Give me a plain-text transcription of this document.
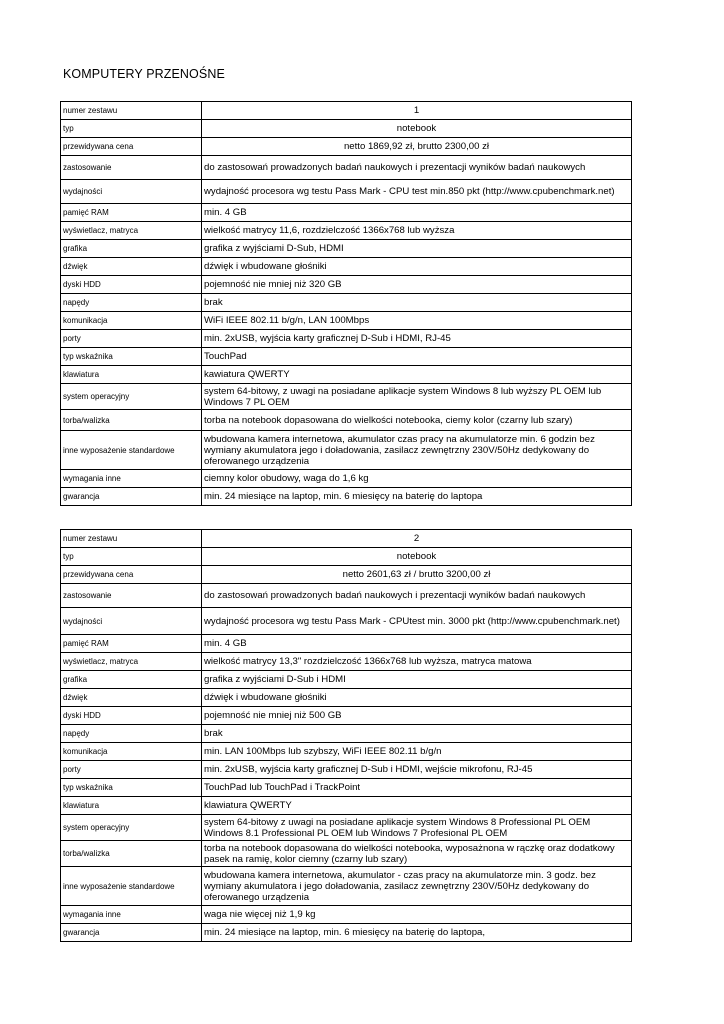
KOMPUTERY PRZENOŚNE
numer zestawu	1
typ	notebook
przewidywana cena	netto 1869,92 zł, brutto 2300,00 zł
zastosowanie	do zastosowań prowadzonych badań naukowych i prezentacji wyników badań naukowych
wydajności	wydajność procesora wg testu Pass Mark - CPU test min.850 pkt (http://www.cpubenchmark.net)
pamięć RAM	min. 4 GB
wyświetlacz, matryca	wielkość matrycy 11,6, rozdzielczość 1366x768 lub wyższa
grafika	grafika z wyjściami D-Sub, HDMI
dźwięk	dźwięk i wbudowane głośniki
dyski HDD	pojemność nie mniej niż 320 GB
napędy	brak
komunikacja	WiFi IEEE 802.11 b/g/n, LAN 100Mbps
porty	min. 2xUSB, wyjścia karty graficznej D-Sub i HDMI, RJ-45
typ wskaźnika	TouchPad
klawiatura	kawiatura QWERTY
system operacyjny	system 64-bitowy, z uwagi na posiadane aplikacje system Windows 8 lub wyższy PL OEM lub Windows 7 PL OEM
torba/walizka	torba na notebook dopasowana do wielkości notebooka, ciemy kolor (czarny lub szary)
inne wyposażenie standardowe	wbudowana kamera internetowa, akumulator czas pracy na akumulatorze min. 6 godzin bez wymiany akumulatora jego i doładowania, zasilacz zewnętrzny 230V/50Hz dedykowany do oferowanego urządzenia
wymagania inne	ciemny kolor obudowy, waga do 1,6 kg
gwarancja	min. 24 miesiące na laptop, min. 6 miesięcy na baterię do laptopa
numer zestawu	2
typ	notebook
przewidywana cena	netto 2601,63 zł / brutto 3200,00 zł
zastosowanie	do zastosowań prowadzonych badań naukowych i prezentacji wyników badań naukowych
wydajności	wydajność procesora wg testu Pass Mark - CPUtest min. 3000 pkt (http://www.cpubenchmark.net)
pamięć RAM	min. 4 GB
wyświetlacz, matryca	wielkość matrycy 13,3" rozdzielczość 1366x768 lub wyższa, matryca matowa
grafika	grafika z wyjściami D-Sub i HDMI
dźwięk	dźwięk i wbudowane głośniki
dyski HDD	pojemność nie mniej niż 500 GB
napędy	brak
komunikacja	min. LAN 100Mbps lub szybszy, WiFi IEEE 802.11 b/g/n
porty	min. 2xUSB, wyjścia karty graficznej D-Sub i HDMI, wejście mikrofonu, RJ-45
typ wskaźnika	TouchPad lub TouchPad i TrackPoint
klawiatura	klawiatura QWERTY
system operacyjny	system 64-bitowy z uwagi na posiadane aplikacje system Windows 8 Professional PL OEM Windows 8.1 Professional PL OEM lub Windows 7 Profesional PL OEM
torba/walizka	torba na notebook dopasowana do wielkości notebooka, wyposażnona w rączkę oraz dodatkowy pasek na ramię, kolor ciemny (czarny lub szary)
inne wyposażenie standardowe	wbudowana kamera internetowa, akumulator - czas pracy na akumulatorze min. 3 godz. bez wymiany akumulatora i jego doładowania, zasilacz zewnętrzny 230V/50Hz dedykowany do oferowanego urządzenia
wymagania inne	waga nie więcej niż 1,9 kg
gwarancja	min. 24 miesiące na laptop, min. 6 miesięcy na baterię do laptopa,
